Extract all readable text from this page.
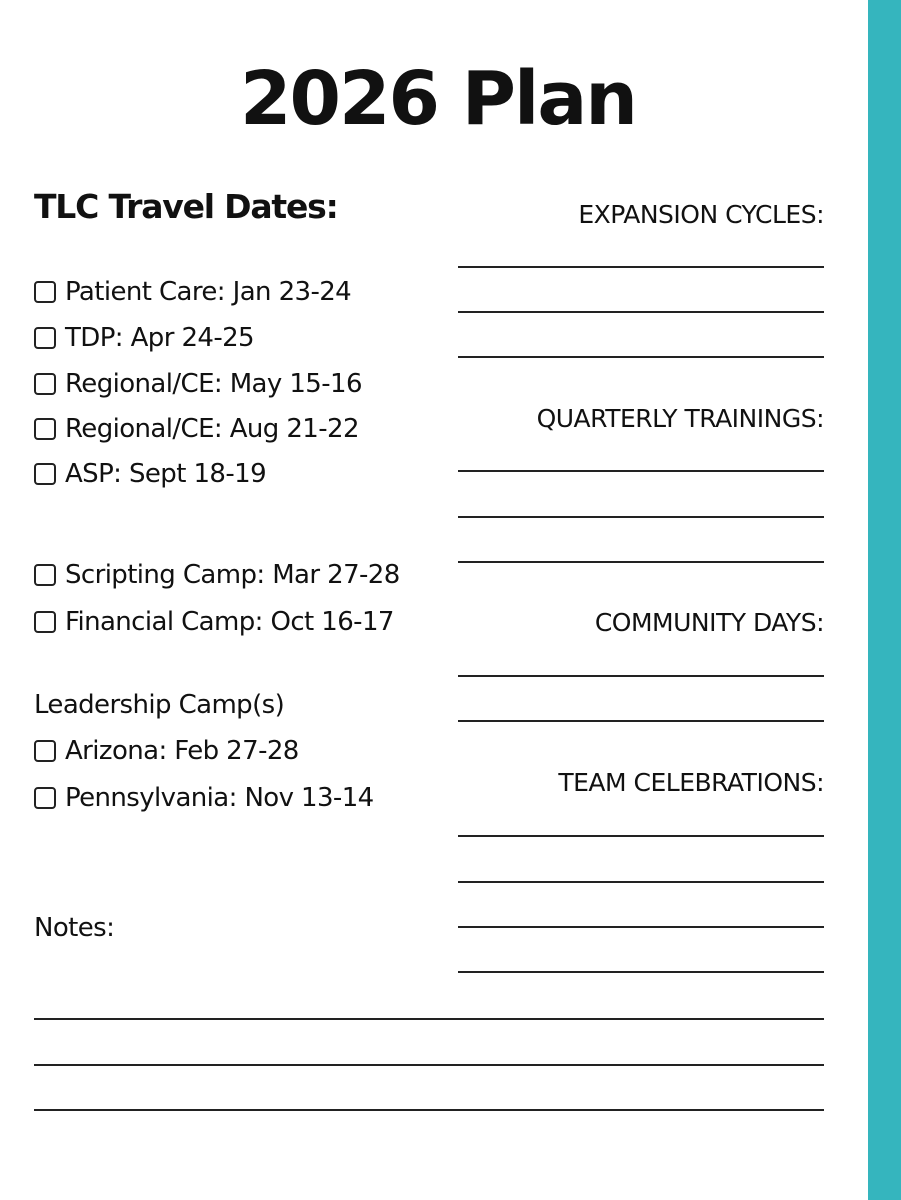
2026 Plan
TLC Travel Dates:
Patient Care: Jan 23-24
TDP: Apr 24-25
Regional/CE: May 15-16
Regional/CE: Aug 21-22
ASP: Sept 18-19
Scripting Camp: Mar 27-28
Financial Camp: Oct 16-17
Leadership Camp(s)
Arizona: Feb 27-28
Pennsylvania: Nov 13-14
Notes:
EXPANSION CYCLES:
QUARTERLY TRAININGS:
COMMUNITY DAYS:
TEAM CELEBRATIONS:
